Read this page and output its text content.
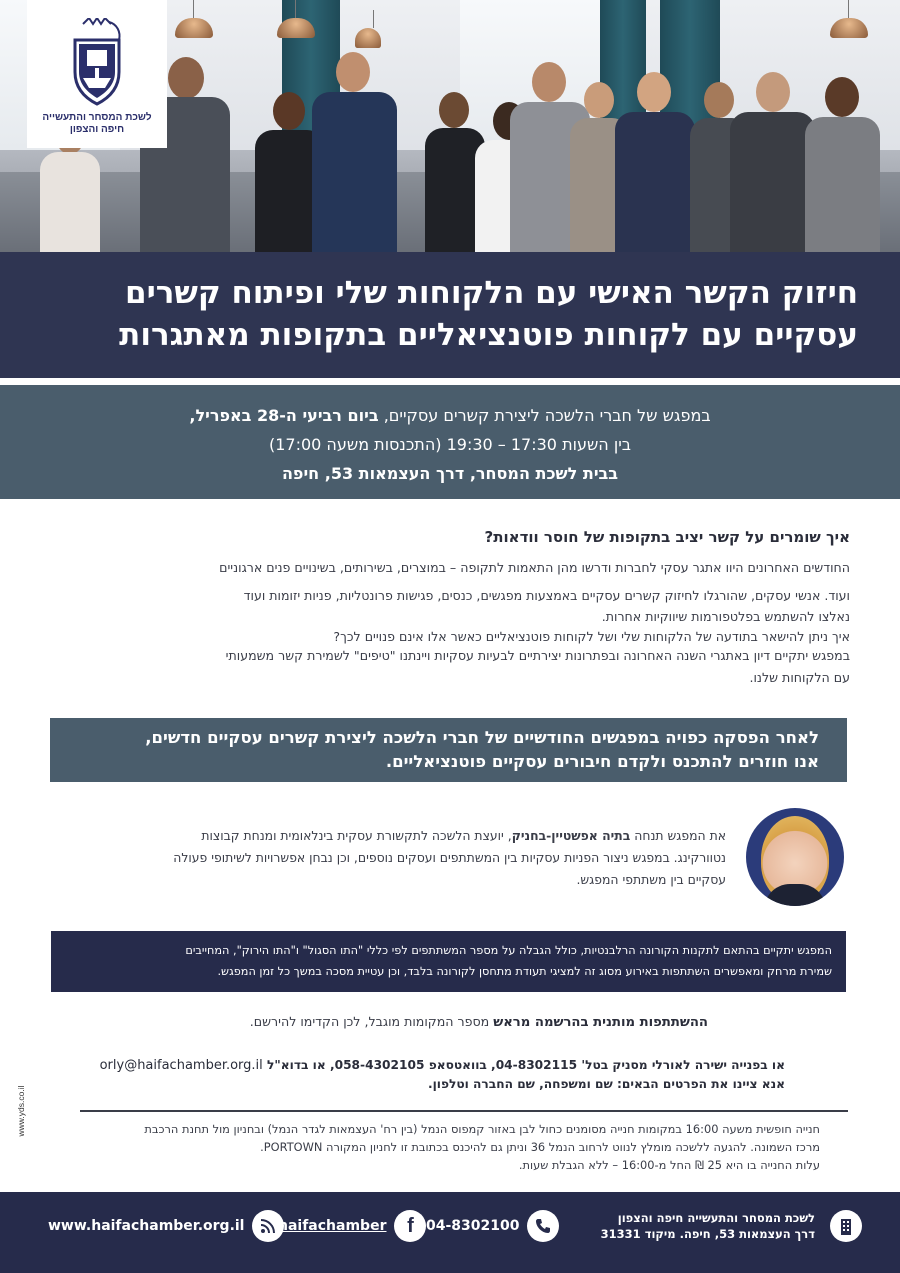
לשכת המסחר והתעשייה
חיפה והצפון
חיזוק הקשר האישי עם הלקוחות שלי ופיתוח קשרים
עסקיים עם לקוחות פוטנציאליים בתקופות מאתגרות
במפגש של חברי הלשכה ליצירת קשרים עסקיים, ביום רביעי ה-28 באפריל,
בין השעות 17:30 – 19:30 (התכנסות משעה 17:00)
בבית לשכת המסחר, דרך העצמאות 53, חיפה
איך שומרים על קשר יציב בתקופות של חוסר וודאות?

החודשים האחרונים היוו אתגר עסקי לחברות ודרשו מהן התאמות לתקופה – במוצרים, בשירותים, בשינויים פנים ארגוניים

ועוד. אנשי עסקים, שהורגלו לחיזוק קשרים עסקיים באמצעות מפגשים, כנסים, פגישות פרונטליות, פניות יזומות ועוד

נאלצו להשתמש בפלטפורמות שיווקיות אחרות.

איך ניתן להישאר בתודעה של הלקוחות שלי ושל לקוחות פוטנציאליים כאשר אלו אינם פנויים לכך?

במפגש יתקיים דיון באתגרי השנה האחרונה ובפתרונות יצירתיים לבעיות עסקיות ויינתנו "טיפים" לשמירת קשר משמעותי

עם הלקוחות שלנו.

לאחר הפסקה כפויה במפגשים החודשיים של חברי הלשכה ליצירת קשרים עסקיים חדשים,

אנו חוזרים להתכנס ולקדם חיבורים עסקיים פוטנציאליים.

את המפגש תנחה בתיה אפשטיין-בחניק, יועצת הלשכה לתקשורת עסקית בינלאומית ומנחת קבוצות

נטוורקינג. במפגש ניצור הפניות עסקיות בין המשתתפים ועסקים נוספים, וכן נבחן אפשרויות לשיתופי פעולה

עסקיים בין משתתפי המפגש.

המפגש יתקיים בהתאם לתקנות הקורונה הרלבנטיות, כולל הגבלה על מספר המשתתפים לפי כללי "התו הסגול" ו"התו הירוק", המחייבים

שמירת מרחק ומאפשרים השתתפות באירוע מסוג זה למציגי תעודת מתחסן לקורונה בלבד, וכן עטיית מסכה במשך כל זמן המפגש.

ההשתתפות מותנית בהרשמה מראש מספר המקומות מוגבל, לכן הקדימו להירשם.

או בפנייה ישירה לאורלי מסניק בטל' 04-8302115, בוואטסאפ 058-4302105, או בדוא"ל orly@haifachamber.org.il

אנא ציינו את הפרטים הבאים: שם ומשפחה, שם החברה וטלפון.

חנייה חופשית משעה 16:00 במקומות חנייה מסומנים כחול לבן באזור קמפוס הנמל (בין רח' העצמאות לגדר הנמל) ובחניון מול תחנת הרכבת

מרכז השמונה. להגעה ללשכה מומלץ לנווט לרחוב הנמל 36 וניתן גם להיכנס בכתובת זו לחניון המקורה PORTOWN.

עלות החנייה בו היא 25 ₪ החל מ-16:00 – ללא הגבלת שעות.

www.yds.co.il
www.haifachamber.org.il haifachamber	f 04-8302100	לשכת המסחר והתעשייה חיפה והצפון
דרך העצמאות 53, חיפה. מיקוד 31331
